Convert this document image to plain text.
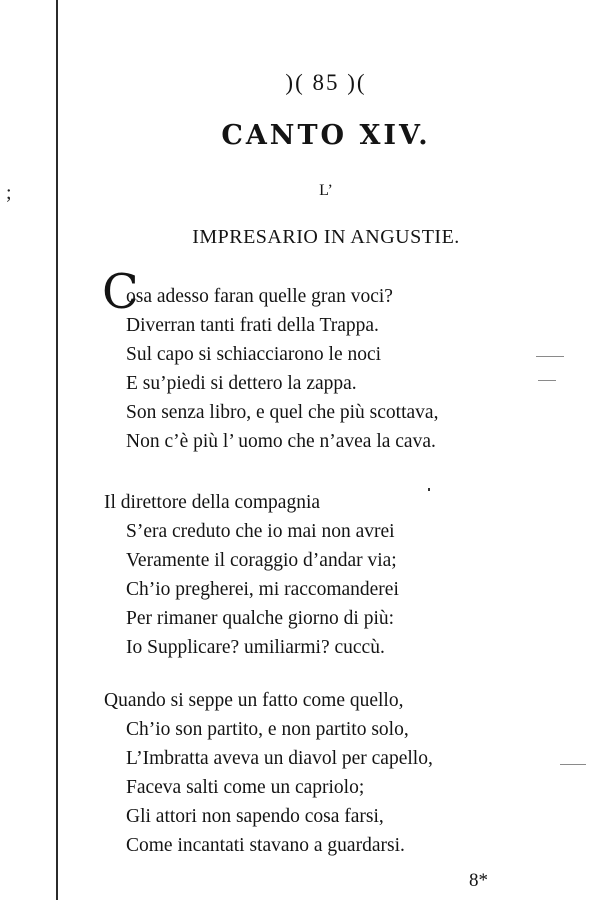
;
)( 85 )(
CANTO XIV.
L’
IMPRESARIO IN ANGUSTIE.
C
osa adesso faran quelle gran voci?
Diverran tanti frati della Trappa.
Sul capo si schiacciarono le noci
E su’piedi si dettero la zappa.
Son senza libro, e quel che più scottava,
Non c’è più l’ uomo che n’avea la cava.
Il direttore della compagnia
S’era creduto che io mai non avrei
Veramente il coraggio d’andar via;
Ch’io pregherei, mi raccomanderei
Per rimaner qualche giorno di più:
Io Supplicare? umiliarmi? cuccù.
Quando si seppe un fatto come quello,
Ch’io son partito, e non partito solo,
L’Imbratta aveva un diavol per capello,
Faceva salti come un capriolo;
Gli attori non sapendo cosa farsi,
Come incantati stavano a guardarsi.
8*
